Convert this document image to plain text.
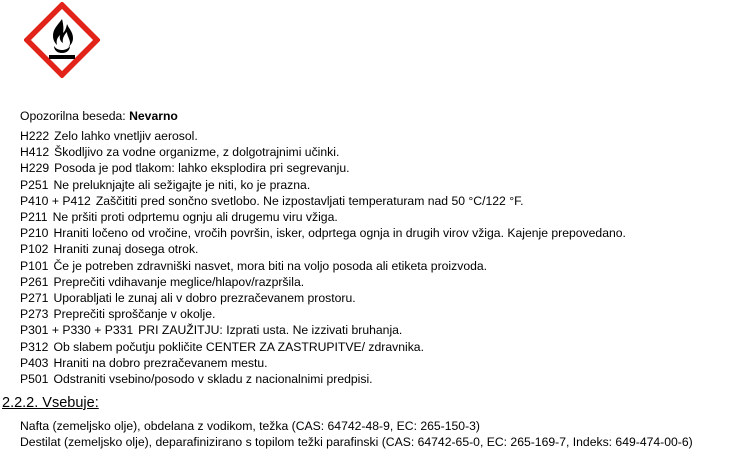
Opozorilna beseda: Nevarno
H222 Zelo lahko vnetljiv aerosol.
H412 Škodljivo za vodne organizme, z dolgotrajnimi učinki.
H229 Posoda je pod tlakom: lahko eksplodira pri segrevanju.
P251 Ne preluknjajte ali sežigajte je niti, ko je prazna.
P410 + P412 Zaščititi pred sončno svetlobo. Ne izpostavljati temperaturam nad 50 °C/122 °F.
P211 Ne pršiti proti odprtemu ognju ali drugemu viru vžiga.
P210 Hraniti ločeno od vročine, vročih površin, isker, odprtega ognja in drugih virov vžiga. Kajenje prepovedano.
P102 Hraniti zunaj dosega otrok.
P101 Če je potreben zdravniški nasvet, mora biti na voljo posoda ali etiketa proizvoda.
P261 Preprečiti vdihavanje meglice/hlapov/razpršila.
P271 Uporabljati le zunaj ali v dobro prezračevanem prostoru.
P273 Preprečiti sproščanje v okolje.
P301 + P330 + P331 PRI ZAUŽITJU: Izprati usta. Ne izzivati bruhanja.
P312 Ob slabem počutju pokličite CENTER ZA ZASTRUPITVE/ zdravnika.
P403 Hraniti na dobro prezračevanem mestu.
P501 Odstraniti vsebino/posodo v skladu z nacionalnimi predpisi.
2.2.2. Vsebuje:
Nafta (zemeljsko olje), obdelana z vodikom, težka (CAS: 64742-48-9, EC: 265-150-3)
Destilat (zemeljsko olje), deparafinizirano s topilom težki parafinski (CAS: 64742-65-0, EC: 265-169-7, Indeks: 649-474-00-6)
